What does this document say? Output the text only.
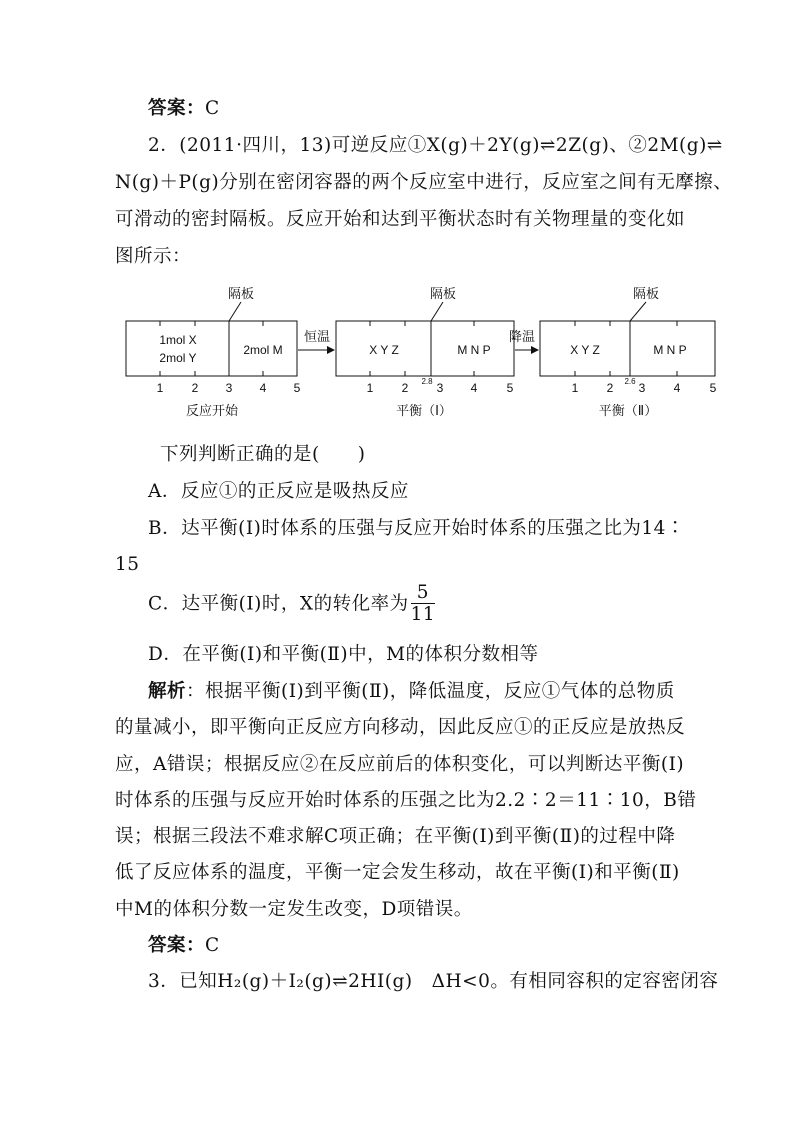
答案：C
2．(2011·四川，13)可逆反应①X(g)＋2Y(g)⇌2Z(g)、②2M(g)⇌
N(g)＋P(g)分别在密闭容器的两个反应室中进行，反应室之间有无摩擦、
可滑动的密封隔板。反应开始和达到平衡状态时有关物理量的变化如
图所示：
隔板	隔板	隔板
1mol X
2mol Y
2mol M
恒温
X Y Z	M N P
降温
X Y Z	M N P
1 2 3 4 5	1 2 2.8 3 4 5	1 2 2.6 3 4 5
反应开始	平衡（Ⅰ）	平衡（Ⅱ）
下列判断正确的是(　　)
A．反应①的正反应是吸热反应
B．达平衡(Ⅰ)时体系的压强与反应开始时体系的压强之比为14∶
15
C．达平衡(Ⅰ)时，X的转化率为 $\frac{5}{11}$
D．在平衡(Ⅰ)和平衡(Ⅱ)中，M的体积分数相等
解析：根据平衡(Ⅰ)到平衡(Ⅱ)，降低温度，反应①气体的总物质
的量减小，即平衡向正反应方向移动，因此反应①的正反应是放热反
应，A错误；根据反应②在反应前后的体积变化，可以判断达平衡(Ⅰ)
时体系的压强与反应开始时体系的压强之比为2.2∶2＝11∶10，B错
误；根据三段法不难求解C项正确；在平衡(Ⅰ)到平衡(Ⅱ)的过程中降
低了反应体系的温度，平衡一定会发生移动，故在平衡(Ⅰ)和平衡(Ⅱ)
中M的体积分数一定发生改变，D项错误。
答案：C
3．已知H₂(g)＋I₂(g)⇌2HI(g)　ΔH<0。有相同容积的定容密闭容
